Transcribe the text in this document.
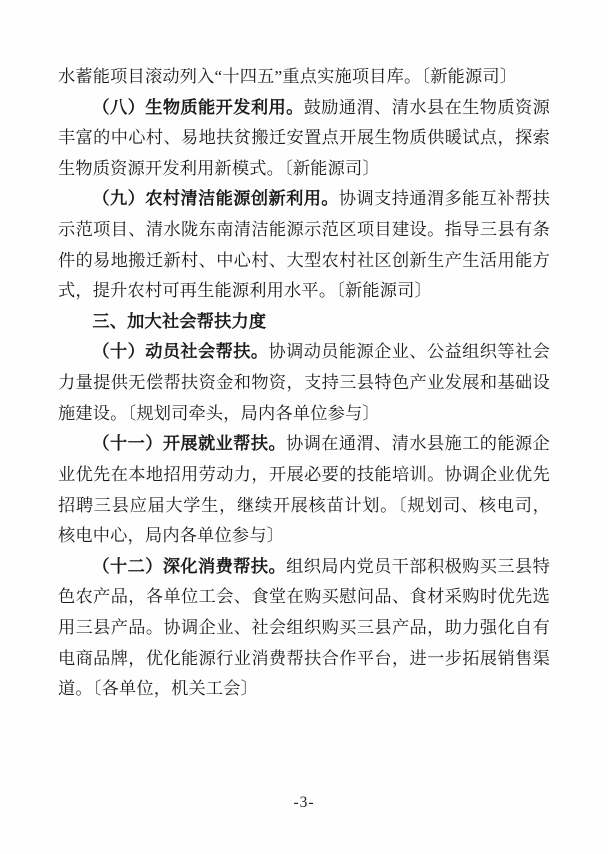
水蓄能项目滚动列入“十四五”重点实施项目库。〔新能源司〕

（八）生物质能开发利用。鼓励通渭、清水县在生物质资源丰富的中心村、易地扶贫搬迁安置点开展生物质供暖试点，探索生物质资源开发利用新模式。〔新能源司〕

（九）农村清洁能源创新利用。协调支持通渭多能互补帮扶示范项目、清水陇东南清洁能源示范区项目建设。指导三县有条件的易地搬迁新村、中心村、大型农村社区创新生产生活用能方式，提升农村可再生能源利用水平。〔新能源司〕

三、加大社会帮扶力度

（十）动员社会帮扶。协调动员能源企业、公益组织等社会力量提供无偿帮扶资金和物资，支持三县特色产业发展和基础设施建设。〔规划司牵头，局内各单位参与〕

（十一）开展就业帮扶。协调在通渭、清水县施工的能源企业优先在本地招用劳动力，开展必要的技能培训。协调企业优先招聘三县应届大学生，继续开展核苗计划。〔规划司、核电司，核电中心，局内各单位参与〕

（十二）深化消费帮扶。组织局内党员干部积极购买三县特色农产品，各单位工会、食堂在购买慰问品、食材采购时优先选用三县产品。协调企业、社会组织购买三县产品，助力强化自有电商品牌，优化能源行业消费帮扶合作平台，进一步拓展销售渠道。〔各单位，机关工会〕

-3-
